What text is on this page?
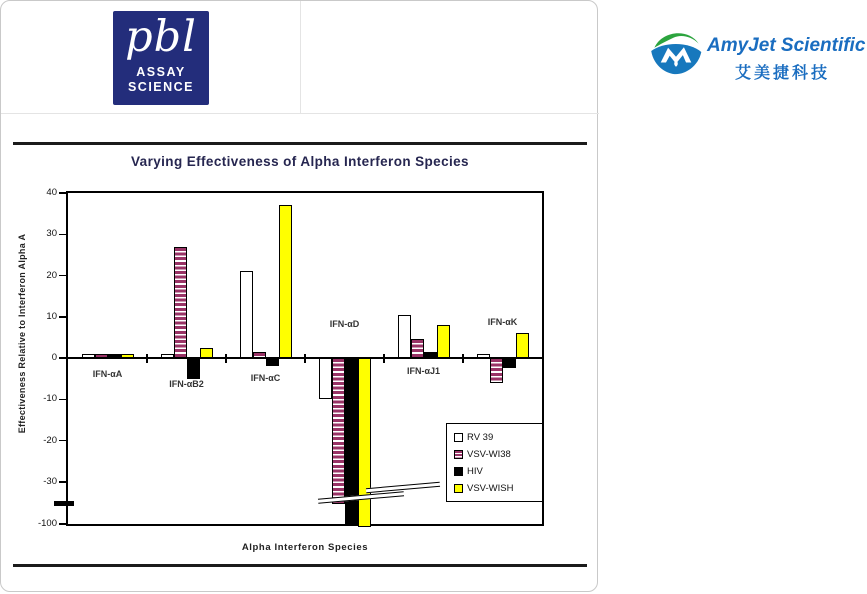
pbl
ASSAY
SCIENCE
AmyJet Scientific
艾美捷科技
Varying Effectiveness of Alpha Interferon Species
Effectiveness Relative to Interferon Alpha A
40
30
20
10
0
-10
-20
-30
-100
IFN-αA
IFN-αB2
IFN-αC
IFN-αD
IFN-αJ1
IFN-αK
RV 39
VSV-WI38
HIV
VSV-WISH
Alpha Interferon Species
